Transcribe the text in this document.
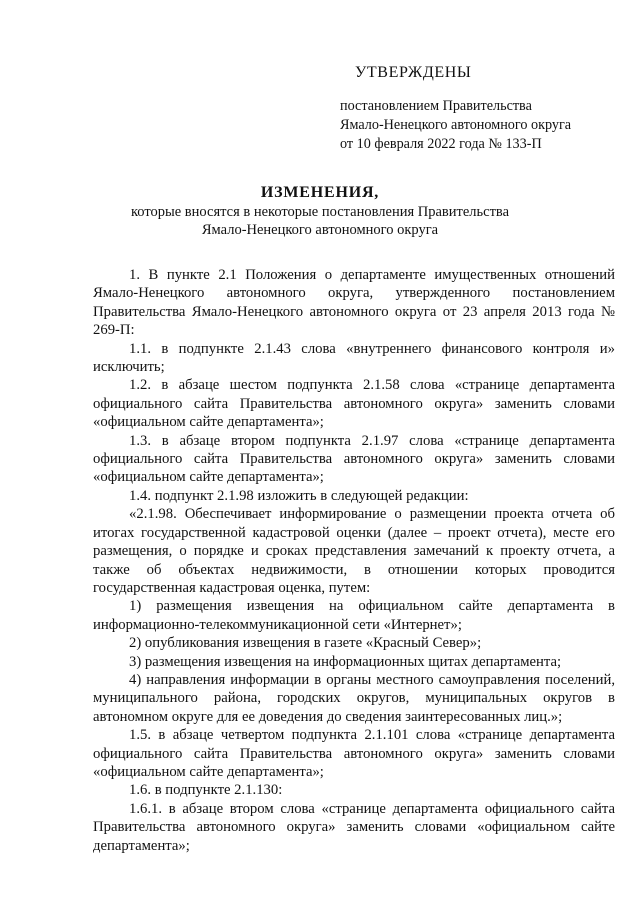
УТВЕРЖДЕНЫ
постановлением Правительства
Ямало-Ненецкого автономного округа
от 10 февраля 2022 года № 133-П
ИЗМЕНЕНИЯ,
которые вносятся в некоторые постановления Правительства
Ямало-Ненецкого автономного округа

1. В пункте 2.1 Положения о департаменте имущественных отношений Ямало-Ненецкого автономного округа, утвержденного постановлением Правительства Ямало-Ненецкого автономного округа от 23 апреля 2013 года № 269-П:

1.1. в подпункте 2.1.43 слова «внутреннего финансового контроля и» исключить;

1.2. в абзаце шестом подпункта 2.1.58 слова «странице департамента официального сайта Правительства автономного округа» заменить словами «официальном сайте департамента»;

1.3. в абзаце втором подпункта 2.1.97 слова «странице департамента официального сайта Правительства автономного округа» заменить словами «официальном сайте департамента»;

1.4. подпункт 2.1.98 изложить в следующей редакции:

«2.1.98. Обеспечивает информирование о размещении проекта отчета об итогах государственной кадастровой оценки (далее – проект отчета), месте его размещения, о порядке и сроках представления замечаний к проекту отчета, а также об объектах недвижимости, в отношении которых проводится государственная кадастровая оценка, путем:

1) размещения извещения на официальном сайте департамента в информационно-телекоммуникационной сети «Интернет»;

2) опубликования извещения в газете «Красный Север»;

3) размещения извещения на информационных щитах департамента;

4) направления информации в органы местного самоуправления поселений, муниципального района, городских округов, муниципальных округов в автономном округе для ее доведения до сведения заинтересованных лиц.»;

1.5. в абзаце четвертом подпункта 2.1.101 слова «странице департамента официального сайта Правительства автономного округа» заменить словами «официальном сайте департамента»;

1.6. в подпункте 2.1.130:

1.6.1. в абзаце втором слова «странице департамента официального сайта Правительства автономного округа» заменить словами «официальном сайте департамента»;
